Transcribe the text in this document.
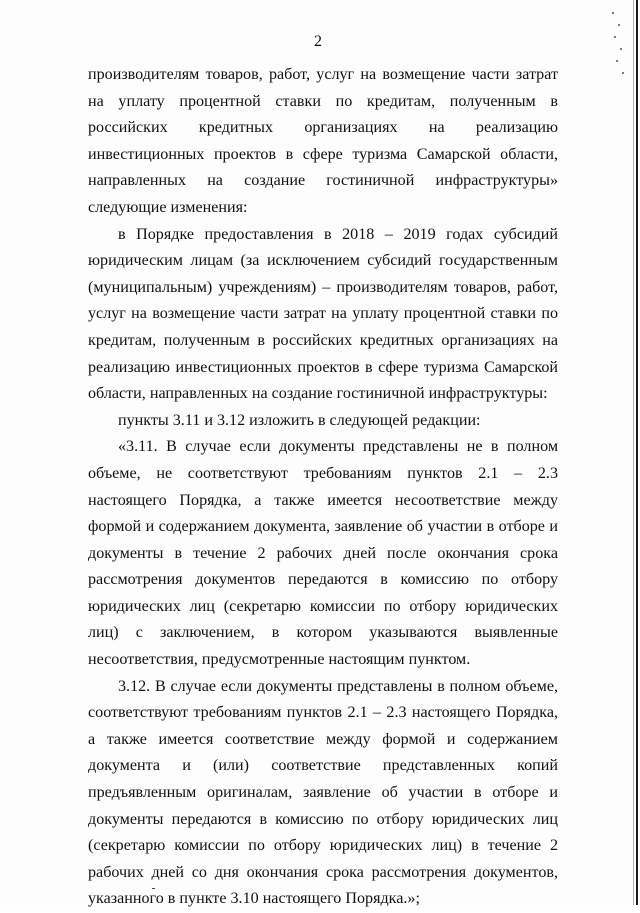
2

производителям товаров, работ, услуг на возмещение части затрат на уплату процентной ставки по кредитам, полученным в российских кредитных организациях на реализацию инвестиционных проектов в сфере туризма Самарской области, направленных на создание гостиничной инфраструктуры» следующие изменения:

в Порядке предоставления в 2018 – 2019 годах субсидий юридическим лицам (за исключением субсидий государственным (муниципальным) учреждениям) – производителям товаров, работ, услуг на возмещение части затрат на уплату процентной ставки по кредитам, полученным в российских кредитных организациях на реализацию инвестиционных проектов в сфере туризма Самарской области, направленных на создание гостиничной инфраструктуры:

пункты 3.11 и 3.12 изложить в следующей редакции:

«3.11. В случае если документы представлены не в полном объеме, не соответствуют требованиям пунктов 2.1 – 2.3 настоящего Порядка, а также имеется несоответствие между формой и содержанием документа, заявление об участии в отборе и документы в течение 2 рабочих дней после окончания срока рассмотрения документов передаются в комиссию по отбору юридических лиц (секретарю комиссии по отбору юридических лиц) с заключением, в котором указываются выявленные несоответствия, предусмотренные настоящим пунктом.

3.12. В случае если документы представлены в полном объеме, соответствуют требованиям пунктов 2.1 – 2.3 настоящего Порядка, а также имеется соответствие между формой и содержанием документа и (или) соответствие представленных копий предъявленным оригиналам, заявление об участии в отборе и документы передаются в комиссию по отбору юридических лиц (секретарю комиссии по отбору юридических лиц) в течение 2 рабочих дней со дня окончания срока рассмотрения документов, указанного в пункте 3.10 настоящего Порядка.»;
